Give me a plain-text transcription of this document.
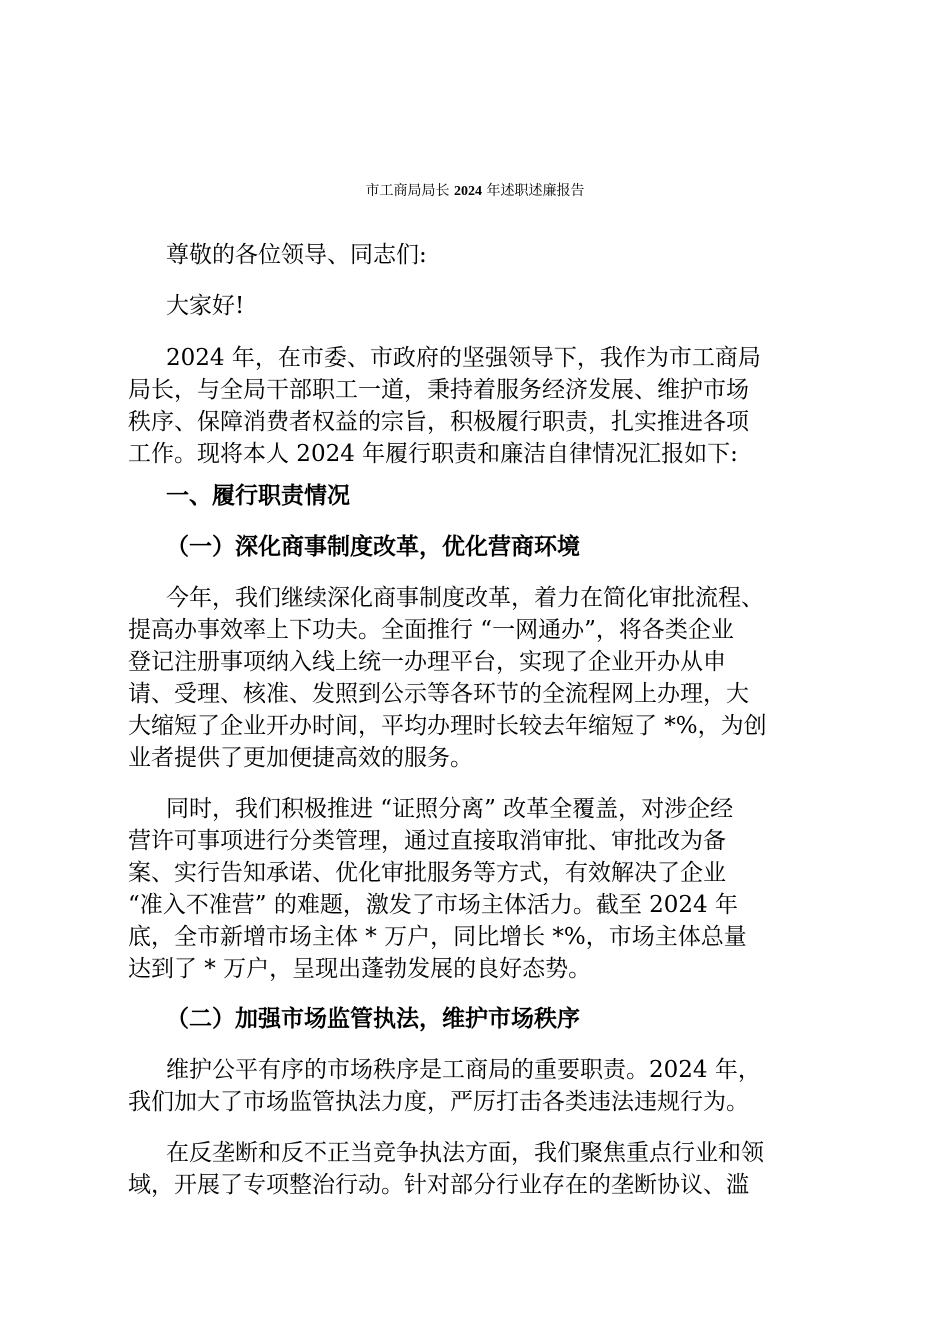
市工商局局长 2024 年述职述廉报告

尊敬的各位领导、同志们:

大家好!

2024 年，在市委、市政府的坚强领导下，我作为市工商局

局长，与全局干部职工一道，秉持着服务经济发展、维护市场

秩序、保障消费者权益的宗旨，积极履行职责，扎实推进各项

工作。现将本人 2024 年履行职责和廉洁自律情况汇报如下:

一、履行职责情况

（一）深化商事制度改革，优化营商环境

今年，我们继续深化商事制度改革，着力在简化审批流程、

提高办事效率上下功夫。全面推行 “一网通办”，将各类企业

登记注册事项纳入线上统一办理平台，实现了企业开办从申

请、受理、核准、发照到公示等各环节的全流程网上办理，大

大缩短了企业开办时间，平均办理时长较去年缩短了 *%，为创

业者提供了更加便捷高效的服务。

同时，我们积极推进 “证照分离” 改革全覆盖，对涉企经

营许可事项进行分类管理，通过直接取消审批、审批改为备

案、实行告知承诺、优化审批服务等方式，有效解决了企业

“准入不准营” 的难题，激发了市场主体活力。截至 2024 年

底，全市新增市场主体 * 万户，同比增长 *%，市场主体总量

达到了 * 万户，呈现出蓬勃发展的良好态势。

（二）加强市场监管执法，维护市场秩序

维护公平有序的市场秩序是工商局的重要职责。2024 年，

我们加大了市场监管执法力度，严厉打击各类违法违规行为。

在反垄断和反不正当竞争执法方面，我们聚焦重点行业和领

域，开展了专项整治行动。针对部分行业存在的垄断协议、滥
